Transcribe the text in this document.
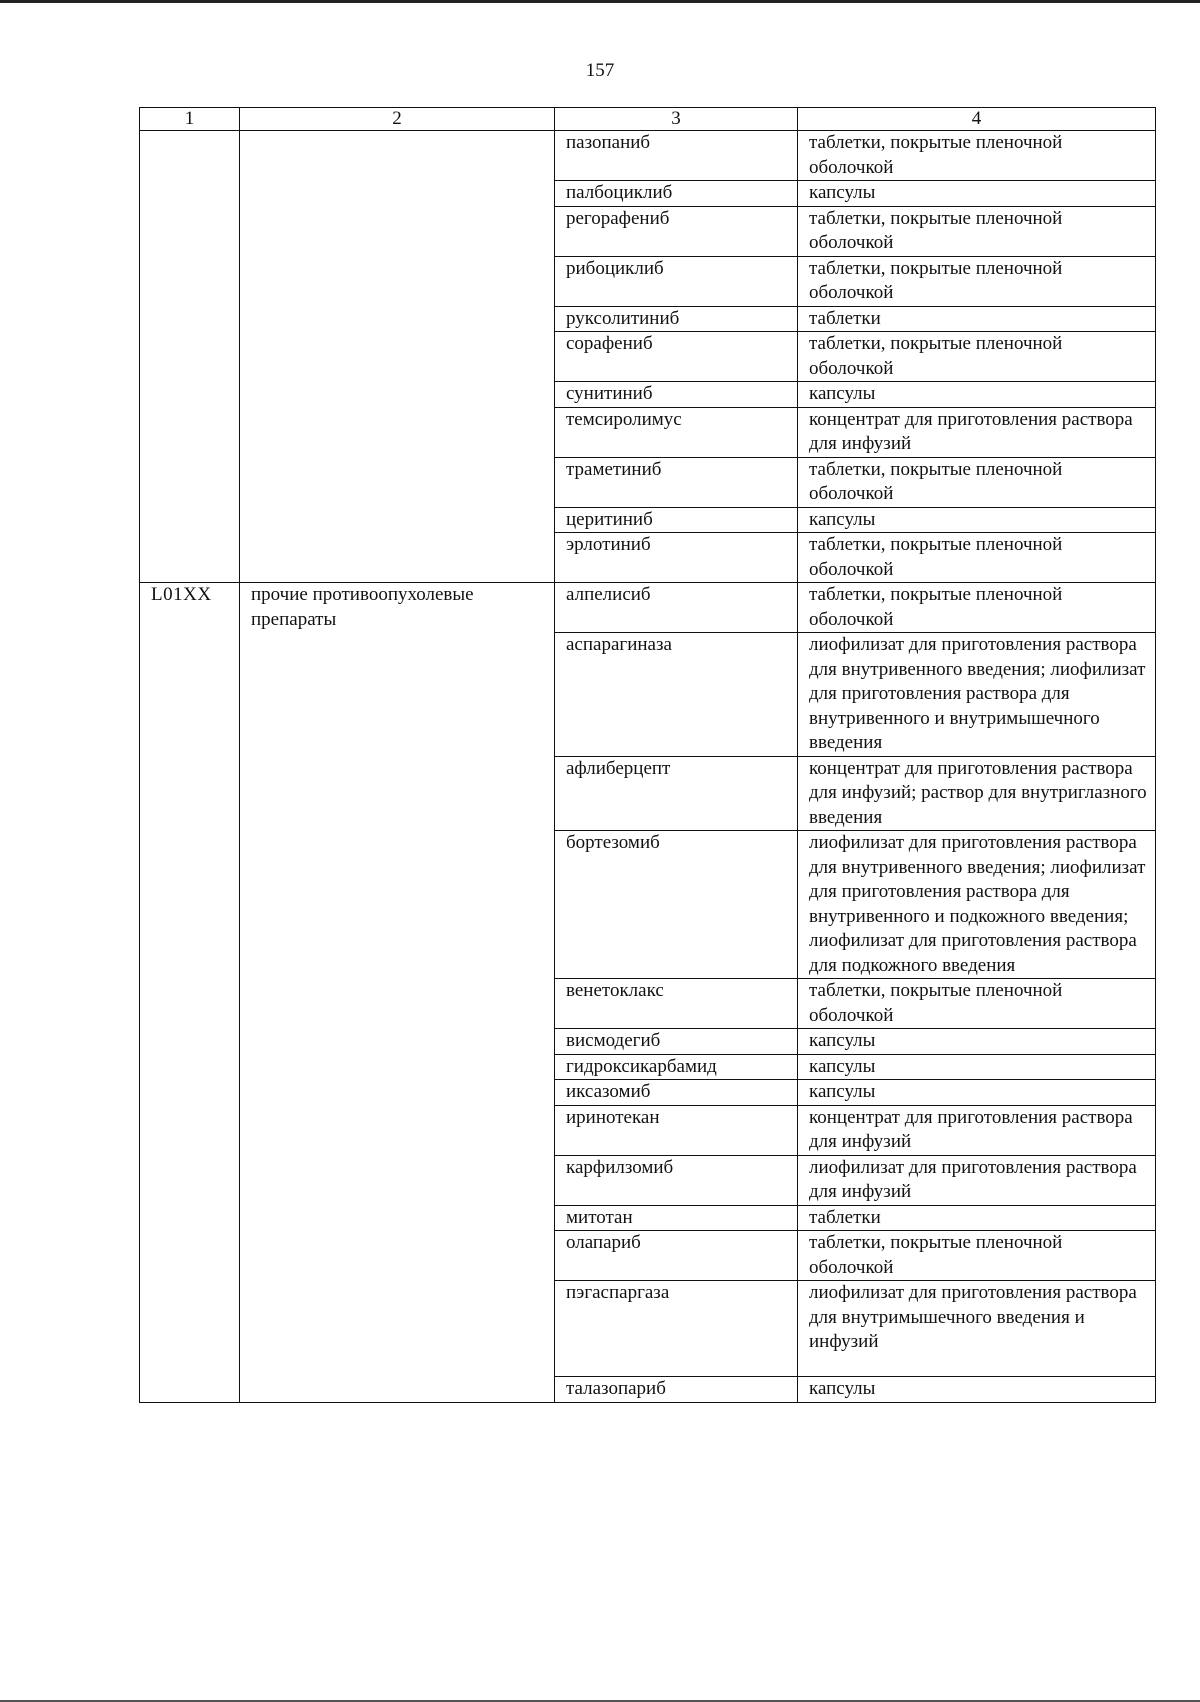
157
1	2	3	4
		пазопаниб	таблетки, покрытые пленочной оболочкой
		палбоциклиб	капсулы
		регорафениб	таблетки, покрытые пленочной оболочкой
		рибоциклиб	таблетки, покрытые пленочной оболочкой
		руксолитиниб	таблетки
		сорафениб	таблетки, покрытые пленочной оболочкой
		сунитиниб	капсулы
		темсиролимус	концентрат для приготовления раствора для инфузий
		траметиниб	таблетки, покрытые пленочной оболочкой
		церитиниб	капсулы
		эрлотиниб	таблетки, покрытые пленочной оболочкой
L01XX	прочие противоопухолевые препараты	алпелисиб	таблетки, покрытые пленочной оболочкой
		аспарагиназа	лиофилизат для приготовления раствора для внутривенного введения; лиофилизат для приготовления раствора для внутривенного и внутримышечного введения
		афлиберцепт	концентрат для приготовления раствора для инфузий; раствор для внутриглазного введения
		бортезомиб	лиофилизат для приготовления раствора для внутривенного введения; лиофилизат для приготовления раствора для внутривенного и подкожного введения; лиофилизат для приготовления раствора для подкожного введения
		венетоклакс	таблетки, покрытые пленочной оболочкой
		висмодегиб	капсулы
		гидроксикарбамид	капсулы
		иксазомиб	капсулы
		иринотекан	концентрат для приготовления раствора для инфузий
		карфилзомиб	лиофилизат для приготовления раствора для инфузий
		митотан	таблетки
		олапариб	таблетки, покрытые пленочной оболочкой
		пэгаспаргаза	лиофилизат для приготовления раствора для внутримышечного введения и инфузий
		талазопариб	капсулы
